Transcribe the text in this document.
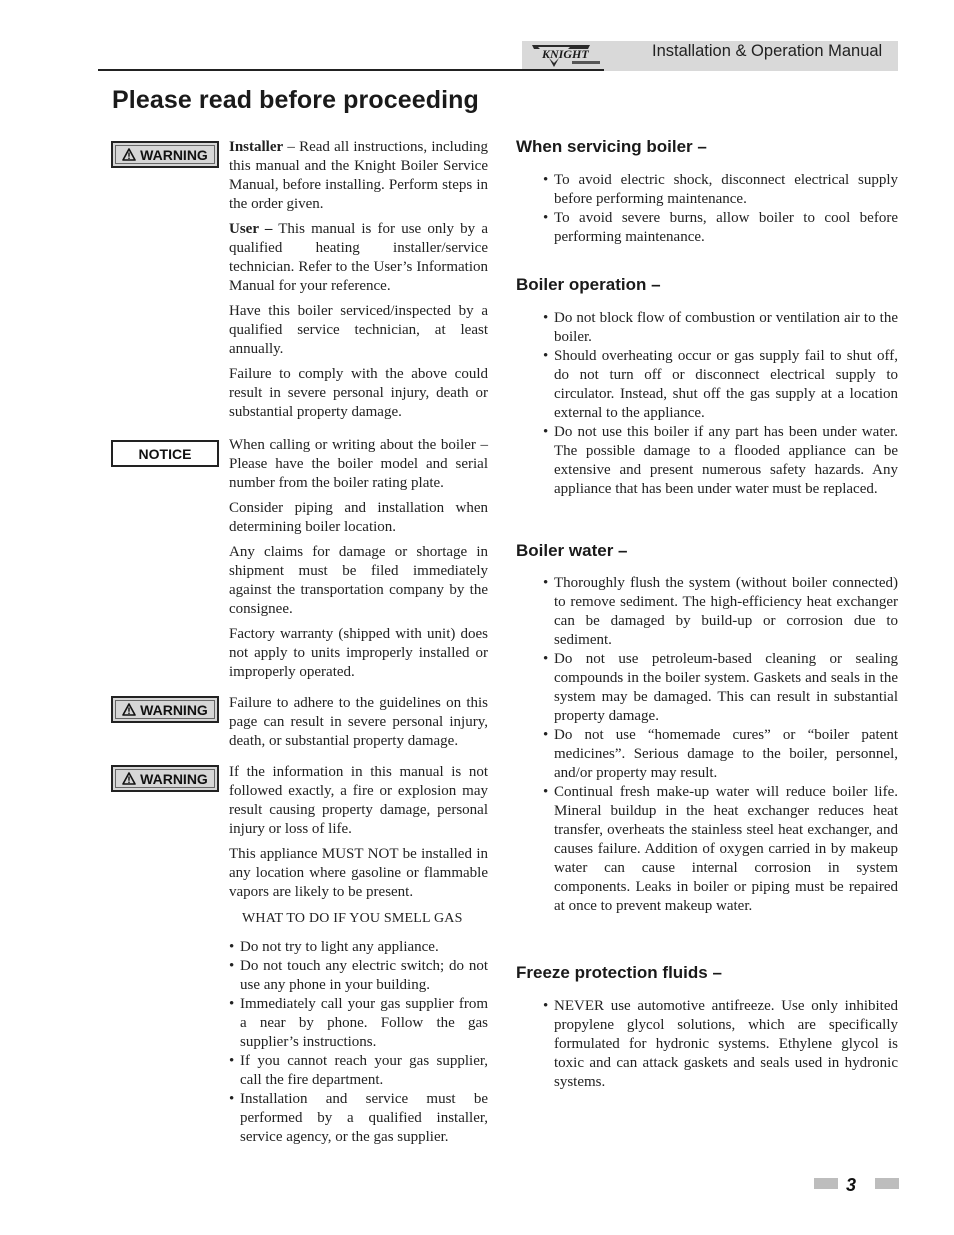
KNIGHT	Installation & Operation Manual
Please read before proceeding
WARNING Installer – Read all instructions, including this manual and the Knight Boiler Service Manual, before installing. Perform steps in the order given.

User – This manual is for use only by a qualified heating installer/service technician. Refer to the User’s Information Manual for your reference.

Have this boiler serviced/inspected by a qualified service technician, at least annually.

Failure to comply with the above could result in severe personal injury, death or substantial property damage.

NOTICE

When calling or writing about the boiler – Please have the boiler model and serial number from the boiler rating plate.

Consider piping and installation when determining boiler location.

Any claims for damage or shortage in shipment must be filed immediately against the transportation company by the consignee.

Factory warranty (shipped with unit) does not apply to units improperly installed or improperly operated.

WARNING Failure to adhere to the guidelines on this page can result in severe personal injury, death, or substantial property damage.

WARNING If the information in this manual is not followed exactly, a fire or explosion may result causing property damage, personal injury or loss of life.

This appliance MUST NOT be installed in any location where gasoline or flammable vapors are likely to be present.

WHAT TO DO IF YOU SMELL GAS
• Do not try to light any appliance.
• Do not touch any electric switch; do not use any phone in your building.
• Immediately call your gas supplier from a near by phone. Follow the gas supplier’s instructions.
• If you cannot reach your gas supplier, call the fire department.
• Installation and service must be performed by a qualified installer, service agency, or the gas supplier.
When servicing boiler –
• To avoid electric shock, disconnect electrical supply before performing maintenance.
• To avoid severe burns, allow boiler to cool before performing maintenance.
Boiler operation –
• Do not block flow of combustion or ventilation air to the boiler.
• Should overheating occur or gas supply fail to shut off, do not turn off or disconnect electrical supply to circulator. Instead, shut off the gas supply at a location external to the appliance.
• Do not use this boiler if any part has been under water. The possible damage to a flooded appliance can be extensive and present numerous safety hazards. Any appliance that has been under water must be replaced.
Boiler water –
• Thoroughly flush the system (without boiler connected) to remove sediment. The high-efficiency heat exchanger can be damaged by build-up or corrosion due to sediment.
• Do not use petroleum-based cleaning or sealing compounds in the boiler system. Gaskets and seals in the system may be damaged. This can result in substantial property damage.
• Do not use “homemade cures” or “boiler patent medicines”. Serious damage to the boiler, personnel, and/or property may result.
• Continual fresh make-up water will reduce boiler life. Mineral buildup in the heat exchanger reduces heat transfer, overheats the stainless steel heat exchanger, and causes failure. Addition of oxygen carried in by makeup water can cause internal corrosion in system components. Leaks in boiler or piping must be repaired at once to prevent makeup water.
Freeze protection fluids –
• NEVER use automotive antifreeze. Use only inhibited propylene glycol solutions, which are specifically formulated for hydronic systems. Ethylene glycol is toxic and can attack gaskets and seals used in hydronic systems.
3
